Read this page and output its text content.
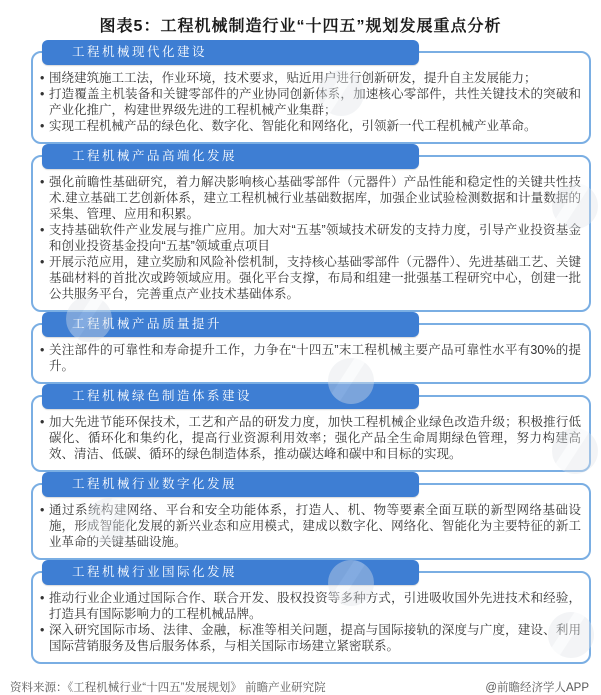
图表5：工程机械制造行业“十四五”规划发展重点分析
工程机械现代化建设
• 围绕建筑施工工法，作业环境，技术要求，贴近用户进行创新研发，提升自主发展能力；
• 打造覆盖主机装备和关键零部件的产业协同创新体系，加速核心零部件，共性关键技术的突破和产业化推广，构建世界级先进的工程机械产业集群；
• 实现工程机械产品的绿色化、数字化、智能化和网络化，引领新一代工程机械产业革命。
工程机械产品高端化发展
• 强化前瞻性基础研究，着力解决影响核心基础零部件（元器件）产品性能和稳定性的关键共性技术.建立基础工艺创新体系，建立工程机械行业基础数据库，加强企业试验检测数据和计量数据的采集、管理、应用和积累。
• 支持基础软件产业发展与推广应用。加大对“五基”领域技术研发的支持力度，引导产业投资基金和创业投资基金投向“五基”领域重点项目
• 开展示范应用，建立奖励和风险补偿机制，支持核心基础零部件（元器件）、先进基础工艺、关键基础材料的首批次或跨领域应用。强化平台支撑，布局和组建一批强基工程研究中心，创建一批公共服务平台，完善重点产业技术基础体系。
工程机械产品质量提升
• 关注部件的可靠性和寿命提升工作，力争在“十四五”末工程机械主要产品可靠性水平有30%的提升。
工程机械绿色制造体系建设
• 加大先进节能环保技术，工艺和产品的研发力度，加快工程机械企业绿色改造升级；积极推行低碳化、循环化和集约化，提高行业资源利用效率；强化产品全生命周期绿色管理，努力构建高效、清洁、低碳、循环的绿色制造体系，推动碳达峰和碳中和目标的实现。
工程机械行业数字化发展
• 通过系统构建网络、平台和安全功能体系，打造人、机、物等要素全面互联的新型网络基础设施，形成智能化发展的新兴业态和应用模式，建成以数字化、网络化、智能化为主要特征的新工业革命的关键基础设施。
工程机械行业国际化发展
• 推动行业企业通过国际合作、联合开发、股权投资等多种方式，引进吸收国外先进技术和经验，打造具有国际影响力的工程机械品牌。
• 深入研究国际市场、法律、金融，标准等相关问题，提高与国际接轨的深度与广度，建设、利用国际营销服务及售后服务体系，与相关国际市场建立紧密联系。
资料来源：《工程机械行业“十四五”发展规划》 前瞻产业研究院	@前瞻经济学人APP
